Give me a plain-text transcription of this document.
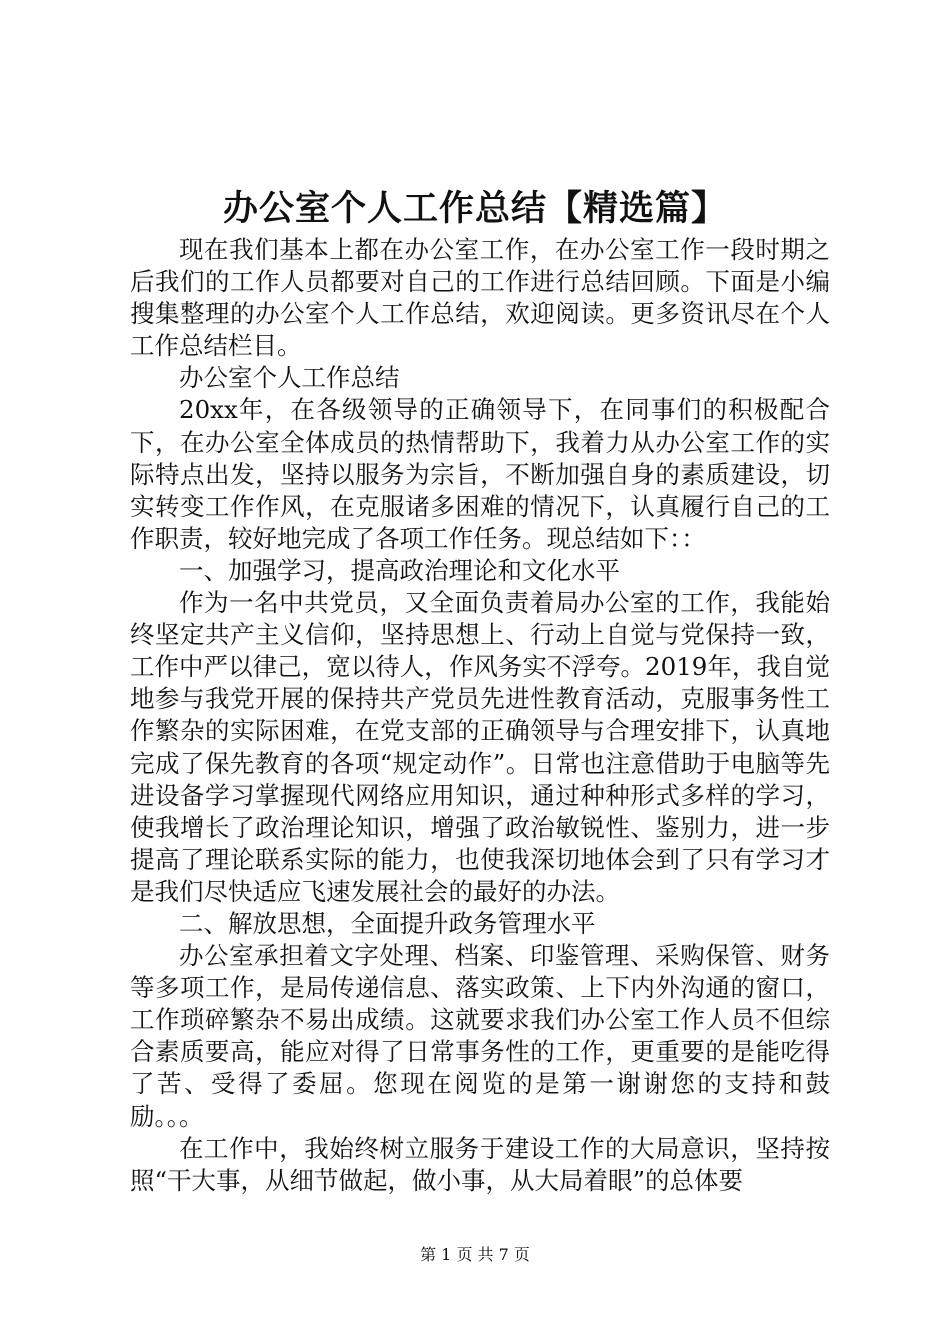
办公室个人工作总结【精选篇】

现在我们基本上都在办公室工作，在办公室工作一段时期之后我们的工作人员都要对自己的工作进行总结回顾。下面是小编搜集整理的办公室个人工作总结，欢迎阅读。更多资讯尽在个人工作总结栏目。

办公室个人工作总结

20xx年，在各级领导的正确领导下，在同事们的积极配合下，在办公室全体成员的热情帮助下，我着力从办公室工作的实际特点出发，坚持以服务为宗旨，不断加强自身的素质建设，切实转变工作作风，在克服诸多困难的情况下，认真履行自己的工作职责，较好地完成了各项工作任务。现总结如下：：

一、加强学习，提高政治理论和文化水平

作为一名中共党员，又全面负责着局办公室的工作，我能始终坚定共产主义信仰，坚持思想上、行动上自觉与党保持一致，工作中严以律己，宽以待人，作风务实不浮夸。2019年，我自觉地参与我党开展的保持共产党员先进性教育活动，克服事务性工作繁杂的实际困难，在党支部的正确领导与合理安排下，认真地完成了保先教育的各项“规定动作”。日常也注意借助于电脑等先进设备学习掌握现代网络应用知识，通过种种形式多样的学习，使我增长了政治理论知识，增强了政治敏锐性、鉴别力，进一步提高了理论联系实际的能力，也使我深切地体会到了只有学习才是我们尽快适应飞速发展社会的最好的办法。

二、解放思想，全面提升政务管理水平

办公室承担着文字处理、档案、印鉴管理、采购保管、财务等多项工作，是局传递信息、落实政策、上下内外沟通的窗口，工作琐碎繁杂不易出成绩。这就要求我们办公室工作人员不但综合素质要高，能应对得了日常事务性的工作，更重要的是能吃得了苦、受得了委屈。您现在阅览的是第一谢谢您的支持和鼓励。。。

在工作中，我始终树立服务于建设工作的大局意识，坚持按照“干大事，从细节做起，做小事，从大局着眼”的总体要

第 1 页 共 7 页
